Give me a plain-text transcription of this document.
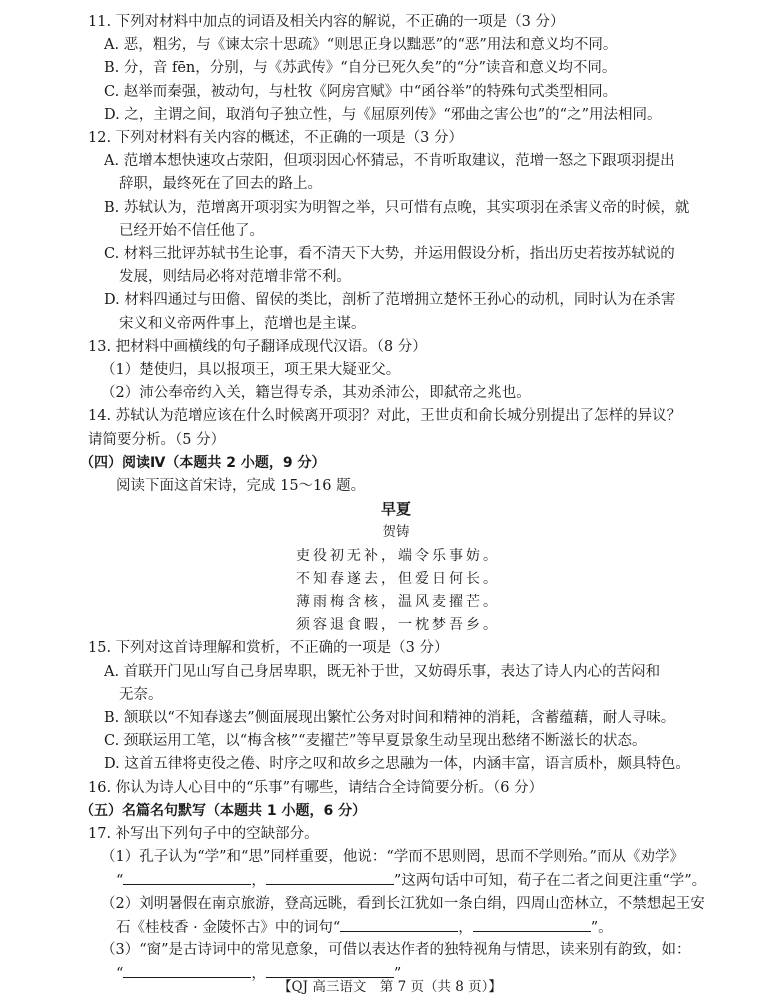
11. 下列对材料中加点的词语及相关内容的解说，不正确的一项是（3 分）
A. 恶，粗劣，与《谏太宗十思疏》“则思正身以黜恶”的“恶”用法和意义均不同。
B. 分，音 fēn，分别，与《苏武传》“自分已死久矣”的“分”读音和意义均不同。
C. 赵举而秦强，被动句，与杜牧《阿房宫赋》中“函谷举”的特殊句式类型相同。
D. 之，主谓之间，取消句子独立性，与《屈原列传》“邪曲之害公也”的“之”用法相同。
12. 下列对材料有关内容的概述，不正确的一项是（3 分）
A. 范增本想快速攻占荥阳，但项羽因心怀猜忌，不肯听取建议，范增一怒之下跟项羽提出
辞职，最终死在了回去的路上。
B. 苏轼认为，范增离开项羽实为明智之举，只可惜有点晚，其实项羽在杀害义帝的时候，就
已经开始不信任他了。
C. 材料三批评苏轼书生论事，看不清天下大势，并运用假设分析，指出历史若按苏轼说的
发展，则结局必将对范增非常不利。
D. 材料四通过与田儋、留侯的类比，剖析了范增拥立楚怀王孙心的动机，同时认为在杀害
宋义和义帝两件事上，范增也是主谋。
13. 把材料中画横线的句子翻译成现代汉语。（8 分）
（1）楚使归，具以报项王，项王果大疑亚父。
（2）沛公奉帝约入关，籍岂得专杀，其劝杀沛公，即弑帝之兆也。
14. 苏轼认为范增应该在什么时候离开项羽？对此，王世贞和俞长城分别提出了怎样的异议？
请简要分析。（5 分）
（四）阅读Ⅳ（本题共 2 小题，9 分）
阅读下面这首宋诗，完成 15～16 题。
早夏
贺铸
吏役初无补，端令乐事妨。
不知春遂去，但爱日何长。
薄雨梅含核，温风麦擢芒。
须容退食暇，一枕梦吾乡。
15. 下列对这首诗理解和赏析，不正确的一项是（3 分）
A. 首联开门见山写自己身居卑职，既无补于世，又妨碍乐事，表达了诗人内心的苦闷和
无奈。
B. 颔联以“不知春遂去”侧面展现出繁忙公务对时间和精神的消耗，含蓄蕴藉，耐人寻味。
C. 颈联运用工笔，以“梅含核”“麦擢芒”等早夏景象生动呈现出愁绪不断滋长的状态。
D. 这首五律将吏役之倦、时序之叹和故乡之思融为一体，内涵丰富，语言质朴，颇具特色。
16. 你认为诗人心目中的“乐事”有哪些，请结合全诗简要分析。（6 分）
（五）名篇名句默写（本题共 1 小题，6 分）
17. 补写出下列句子中的空缺部分。
（1）孔子认为“学”和“思”同样重要，他说：“学而不思则罔，思而不学则殆。”而从《劝学》
“	，	”这两句话中可知，荀子在二者之间更注重“学”。
（2）刘明暑假在南京旅游，登高远眺，看到长江犹如一条白绢，四周山峦林立，不禁想起王安
石《桂枝香 · 金陵怀古》中的词句“	，	”。
（3）“窗”是古诗词中的常见意象，可借以表达作者的独特视角与情思，读来别有韵致，如：
“	，	”
【QJ 高三语文　第 7 页（共 8 页）】
